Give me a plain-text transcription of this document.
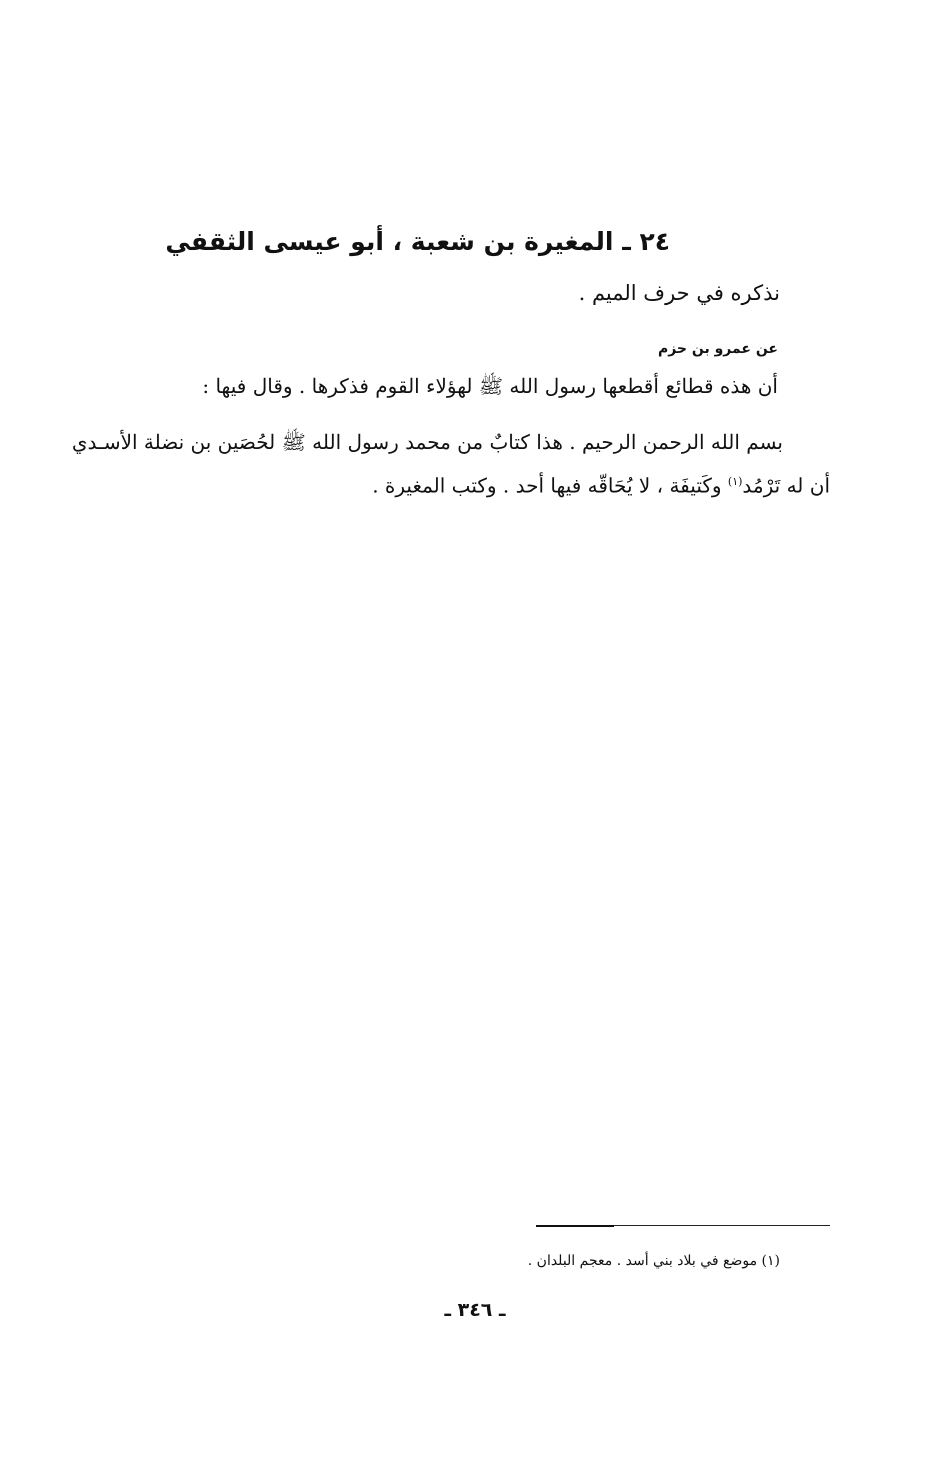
٢٤ ـ المغيرة بن شعبة ، أبو عيسى الثقفي
نذكره في حرف الميم .
عن عمرو بن حزم
أن هذه قطائع أقطعها رسول الله ﷺ لهؤلاء القوم فذكرها . وقال فيها :
بسم الله الرحمن الرحيم . هذا كتابٌ من محمد رسول الله ﷺ لحُصَين بن نضلة الأسـدي
أن له تَرْمُد$^{(١)}$ وكَتيفَة ، لا يُحَاقّه فيها أحد . وكتب المغيرة .
(١) موضع في بلاد بني أسد . معجم البلدان .
ـ ٣٤٦ ـ
